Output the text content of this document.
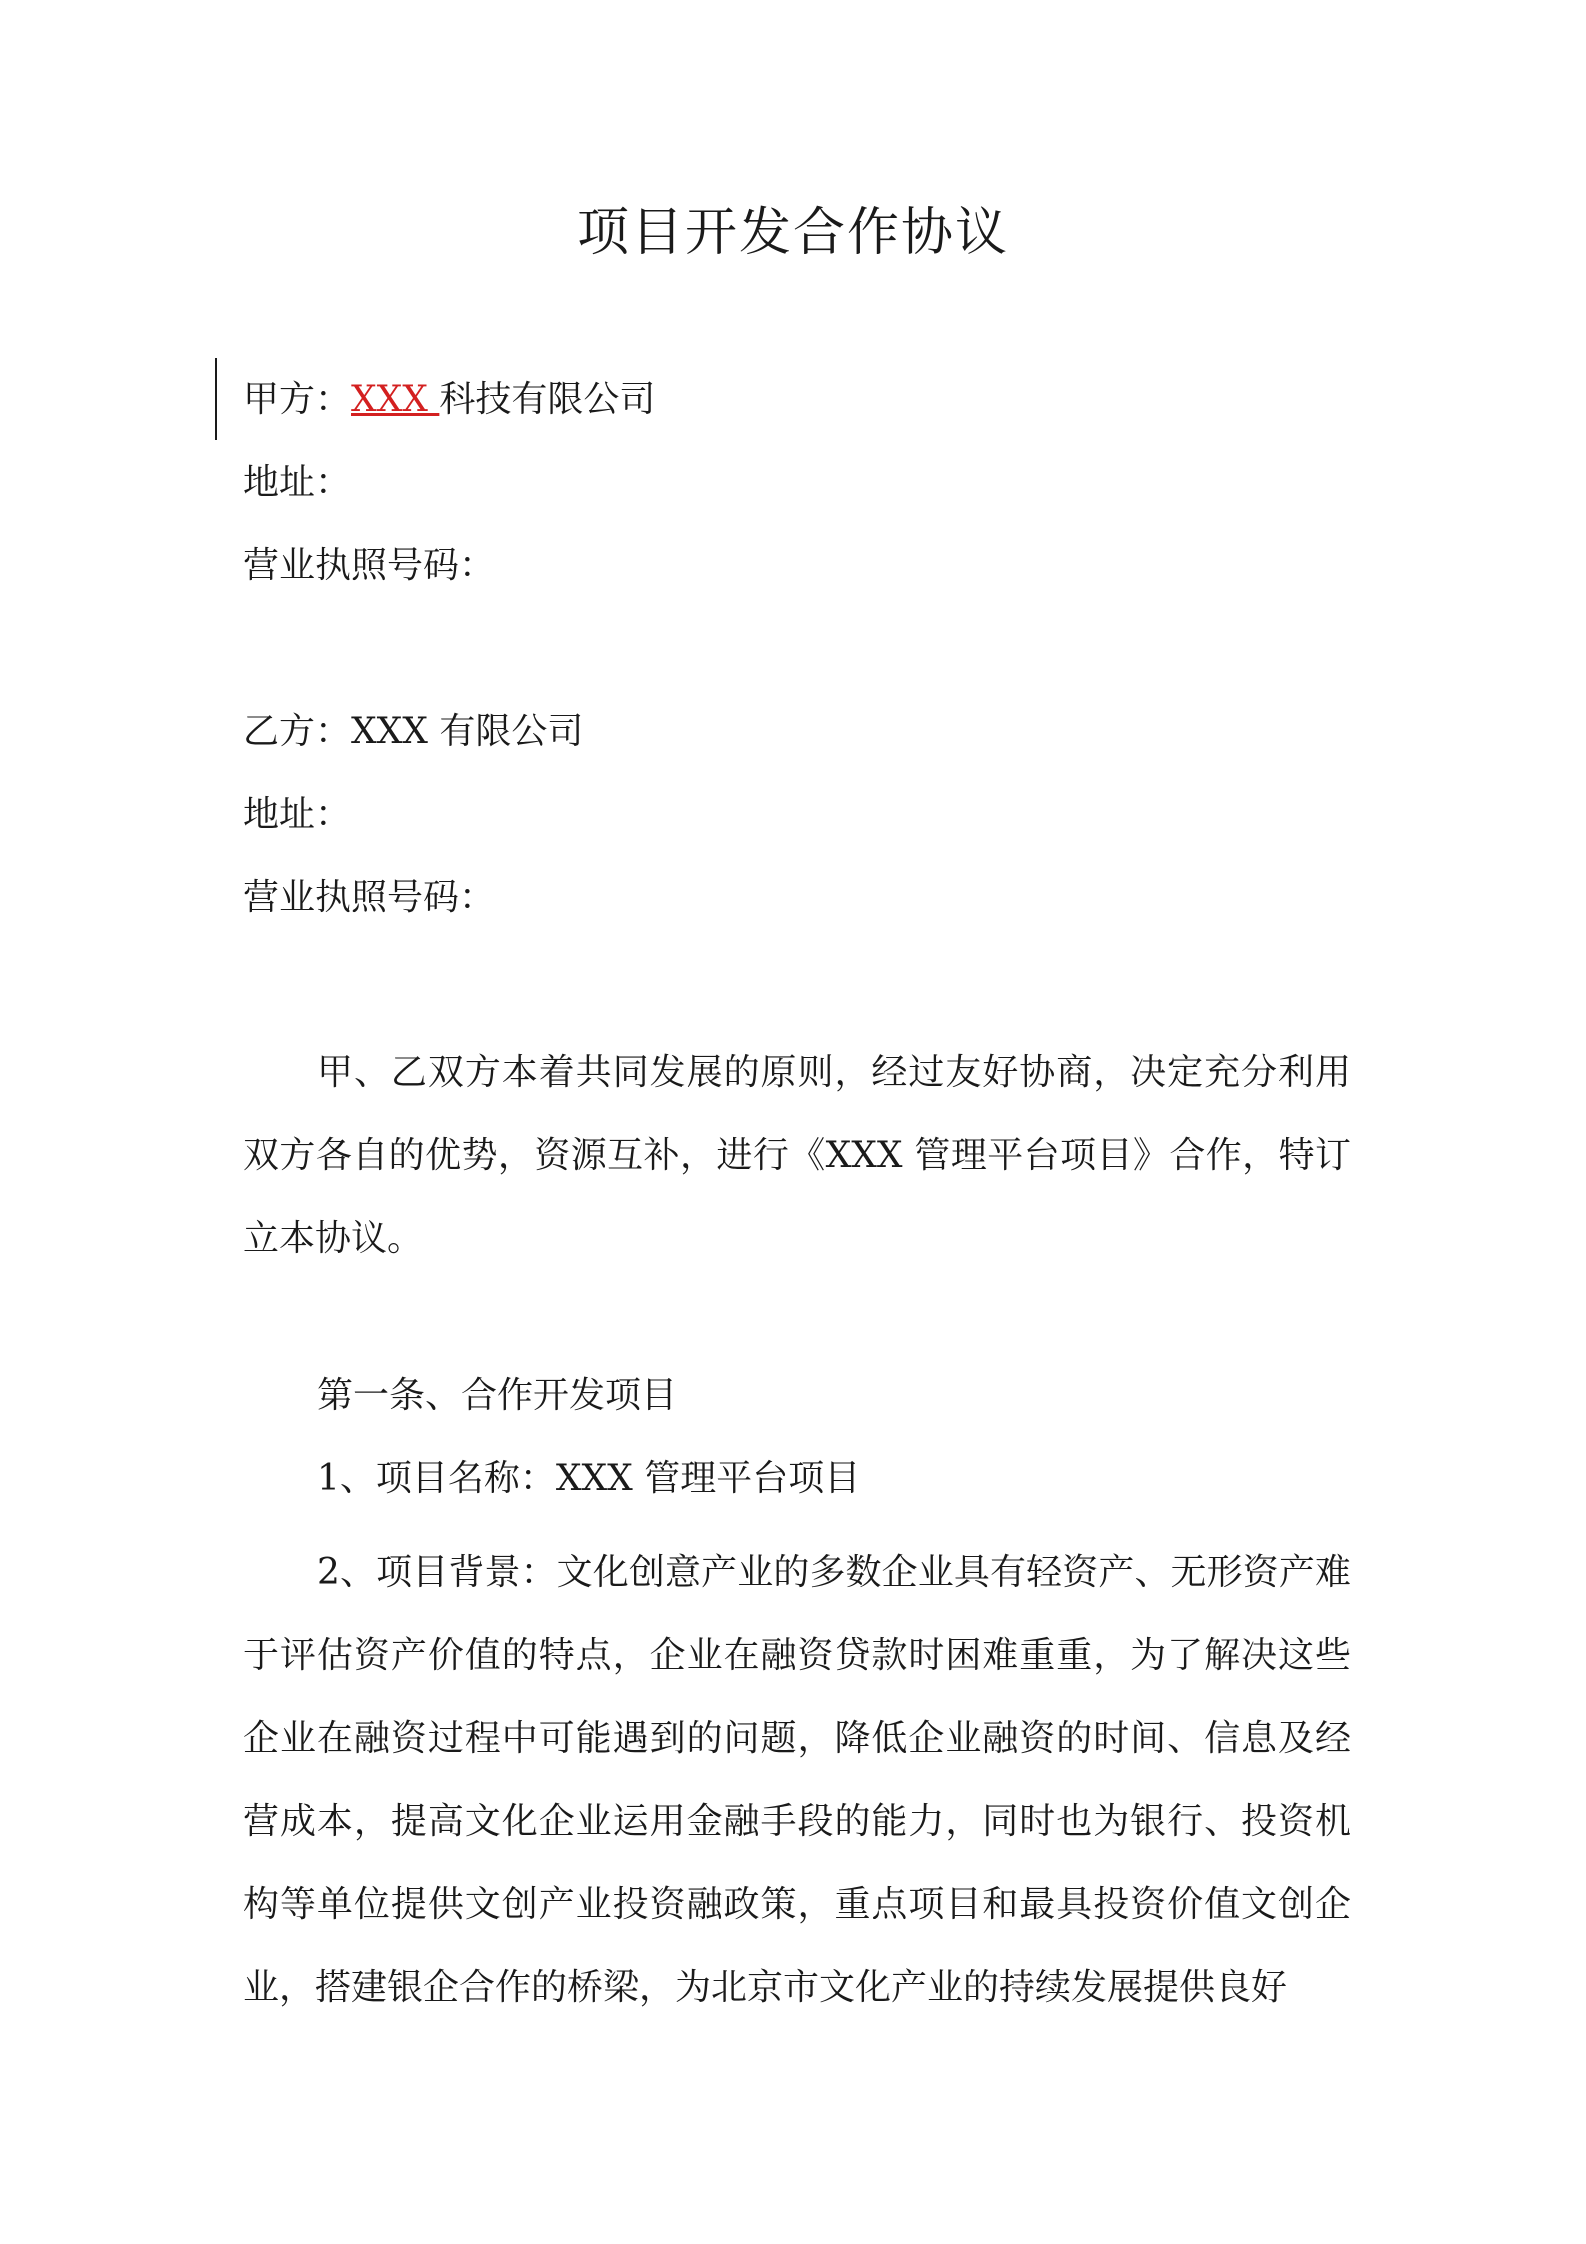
项目开发合作协议
甲方：XXX 科技有限公司
地址：
营业执照号码：
乙方：XXX 有限公司
地址：
营业执照号码：

甲、乙双方本着共同发展的原则，经过友好协商，决定充分利用双方各自的优势，资源互补，进行《XXX 管理平台项目》合作，特订立本协议。

第一条、合作开发项目
1、项目名称：XXX 管理平台项目

2、项目背景：文化创意产业的多数企业具有轻资产、无形资产难于评估资产价值的特点，企业在融资贷款时困难重重，为了解决这些企业在融资过程中可能遇到的问题，降低企业融资的时间、信息及经营成本，提高文化企业运用金融手段的能力，同时也为银行、投资机构等单位提供文创产业投资融政策，重点项目和最具投资价值文创企业，搭建银企合作的桥梁，为北京市文化产业的持续发展提供良好
